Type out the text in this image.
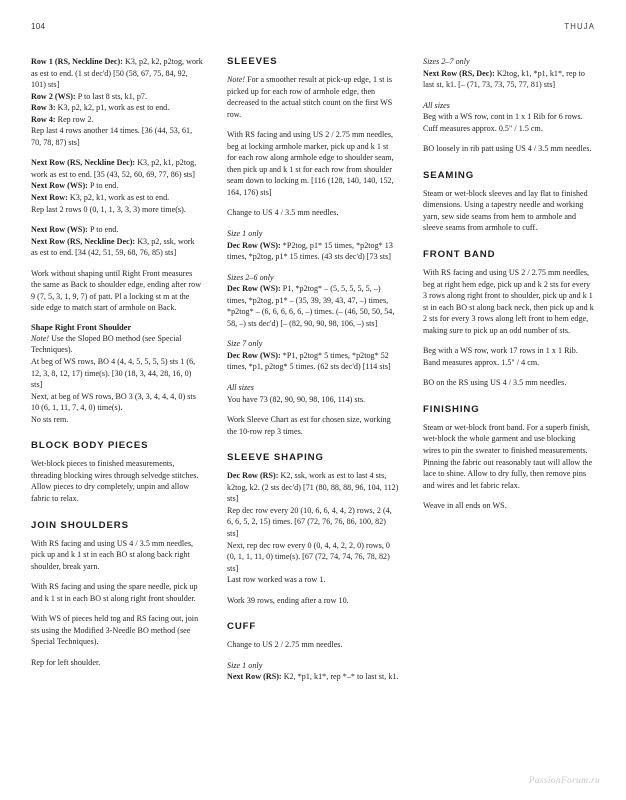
104	THUJA

Row 1 (RS, Neckline Dec): K3, p2, k2, p2tog, work as est to end. (1 st dec'd) [50 (58, 67, 75, 84, 92, 101) sts]

Row 2 (WS): P to last 8 sts, k1, p7.

Row 3: K3, p2, k2, p1, work as est to end.

Row 4: Rep row 2.

Rep last 4 rows another 14 times. [36 (44, 53, 61, 70, 78, 87) sts]

Next Row (RS, Neckline Dec): K3, p2, k1, p2tog, work as est to end. [35 (43, 52, 60, 69, 77, 86) sts]

Next Row (WS): P to end.

Next Row: K3, p2, k1, work as est to end.

Rep last 2 rows 0 (0, 1, 1, 3, 3, 3) more time(s).

Next Row (WS): P to end.

Next Row (RS, Neckline Dec): K3, p2, ssk, work as est to end. [34 (42, 51, 59, 68, 76, 85) sts]

Work without shaping until Right Front measures the same as Back to shoulder edge, ending after row 9 (7, 5, 3, 1, 9, 7) of patt. Pl a locking st m at the side edge to match start of armhole on Back.

Shape Right Front Shoulder

Note! Use the Sloped BO method (see Special Techniques).

At beg of WS rows, BO 4 (4, 4, 5, 5, 5, 5) sts 1 (6, 12, 3, 8, 12, 17) time(s). [30 (18, 3, 44, 28, 16, 0) sts]

Next, at beg of WS rows, BO 3 (3, 3, 4, 4, 4, 0) sts 10 (6, 1, 11, 7, 4, 0) time(s).

No sts rem.

BLOCK BODY PIECES

Wet-block pieces to finished measurements, threading blocking wires through selvedge stitches. Allow pieces to dry completely, unpin and allow fabric to relax.

JOIN SHOULDERS

With RS facing and using US 4 / 3.5 mm needles, pick up and k 1 st in each BO st along back right shoulder, break yarn.

With RS facing and using the spare needle, pick up and k 1 st in each BO st along right front shoulder.

With WS of pieces held tog and RS facing out, join sts using the Modified 3-Needle BO method (see Special Techniques).

Rep for left shoulder.

SLEEVES

Note! For a smoother result at pick-up edge, 1 st is picked up for each row of armhole edge, then decreased to the actual stitch count on the first WS row.

With RS facing and using US 2 / 2.75 mm needles, beg at locking armhole marker, pick up and k 1 st for each row along armhole edge to shoulder seam, then pick up and k 1 st for each row from shoulder seam down to locking m. [116 (128, 140, 140, 152, 164, 176) sts]

Change to US 4 / 3.5 mm needles.

Size 1 only

Dec Row (WS): *P2tog, p1* 15 times, *p2tog* 13 times, *p2tog, p1* 15 times. (43 sts dec'd) [73 sts]

Sizes 2–6 only

Dec Row (WS): P1, *p2tog* – (5, 5, 5, 5, 5, –) times, *p2tog, p1* – (35, 39, 39, 43, 47, –) times, *p2tog* – (6, 6, 6, 6, 6, –) times. (– (46, 50, 50, 54, 58, –) sts dec'd) [– (82, 90, 90, 98, 106, –) sts]

Size 7 only

Dec Row (WS): *P1, p2tog* 5 times, *p2tog* 52 times, *p1, p2tog* 5 times. (62 sts dec'd) [114 sts]

All sizes

You have 73 (82, 90, 90, 98, 106, 114) sts.

Work Sleeve Chart as est for chosen size, working the 10-row rep 3 times.

SLEEVE SHAPING

Dec Row (RS): K2, ssk, work as est to last 4 sts, k2tog, k2. (2 sts dec'd) [71 (80, 88, 88, 96, 104, 112) sts]

Rep dec row every 20 (10, 6, 6, 4, 4, 2) rows, 2 (4, 6, 6, 5, 2, 15) times. [67 (72, 76, 76, 86, 100, 82) sts]

Next, rep dec row every 0 (0, 4, 4, 2, 2, 0) rows, 0 (0, 1, 1, 11, 0) time(s). [67 (72, 74, 74, 76, 78, 82) sts]

Last row worked was a row 1.

Work 39 rows, ending after a row 10.

CUFF

Change to US 2 / 2.75 mm needles.

Size 1 only

Next Row (RS): K2, *p1, k1*, rep *–* to last st, k1.

Sizes 2–7 only

Next Row (RS, Dec): K2tog, k1, *p1, k1*, rep to last st, k1. [– (71, 73, 73, 75, 77, 81) sts]

All sizes

Beg with a WS row, cont in 1 x 1 Rib for 6 rows. Cuff measures approx. 0.5" / 1.5 cm.

BO loosely in rib patt using US 4 / 3.5 mm needles.

SEAMING

Steam or wet-block sleeves and lay flat to finished dimensions. Using a tapestry needle and working yarn, sew side seams from hem to armhole and sleeve seams from armhole to cuff.

FRONT BAND

With RS facing and using US 2 / 2.75 mm needles, beg at right hem edge, pick up and k 2 sts for every 3 rows along right front to shoulder, pick up and k 1 st in each BO st along back neck, then pick up and k 2 sts for every 3 rows along left front to hem edge, making sure to pick up an odd number of sts.

Beg with a WS row, work 17 rows in 1 x 1 Rib. Band measures approx. 1.5" / 4 cm.

BO on the RS using US 4 / 3.5 mm needles.

FINISHING

Steam or wet-block front band. For a superb finish, wet-block the whole garment and use blocking wires to pin the sweater to finished measurements. Pinning the fabric out reasonably taut will allow the lace to shine. Allow to dry fully, then remove pins and wires and let fabric relax.

Weave in all ends on WS.

PassionForum.ru
